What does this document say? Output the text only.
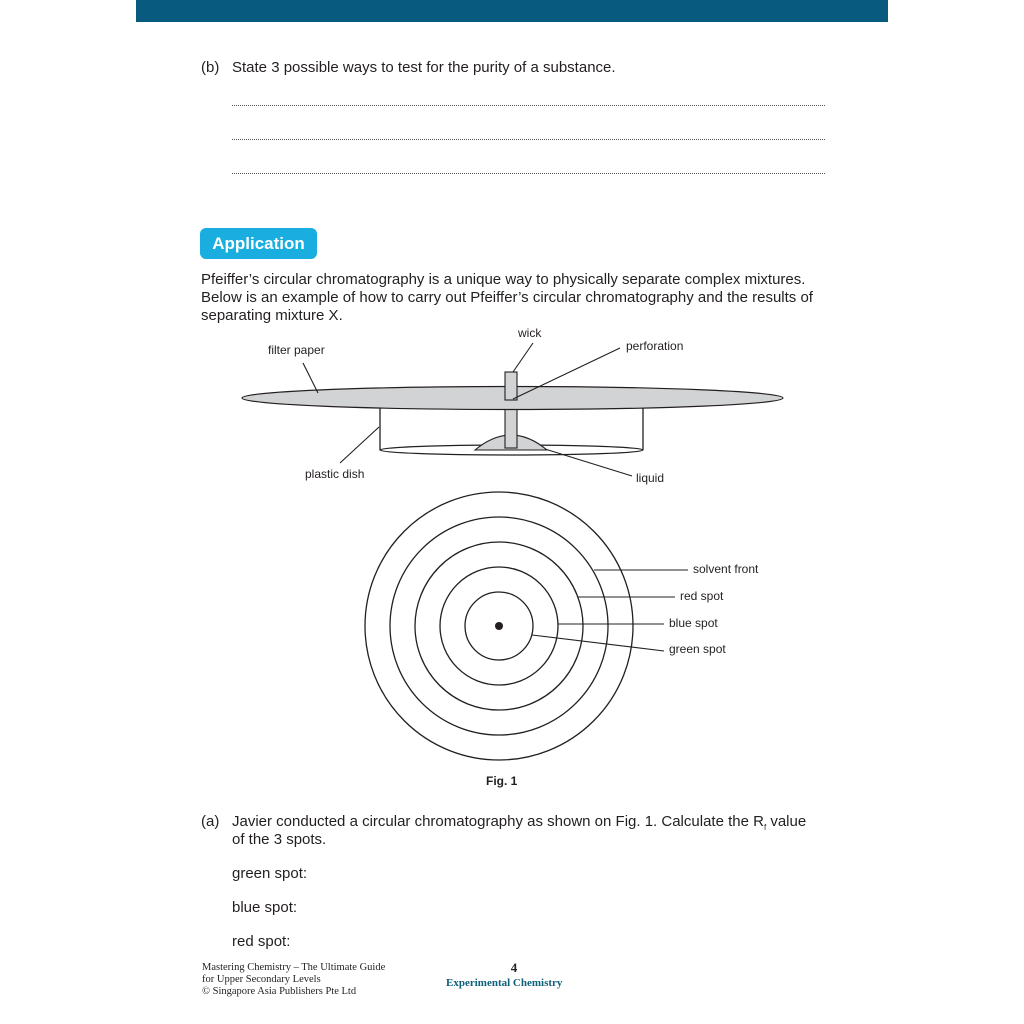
(b) State 3 possible ways to test for the purity of a substance.
Application
Pfeiffer’s circular chromatography is a unique way to physically separate complex mixtures. Below is an example of how to carry out Pfeiffer’s circular chromatography and the results of separating mixture X.
filter paper
wick
perforation
plastic dish	liquid
solvent front
red spot
blue spot
green spot
Fig. 1
(a) Javier conducted a circular chromatography as shown on Fig. 1. Calculate the $R_f$ value
of the 3 spots.
green spot:
blue spot:
red spot:
Mastering Chemistry – The Ultimate Guide
for Upper Secondary Levels
© Singapore Asia Publishers Pte Ltd
4
Experimental Chemistry
